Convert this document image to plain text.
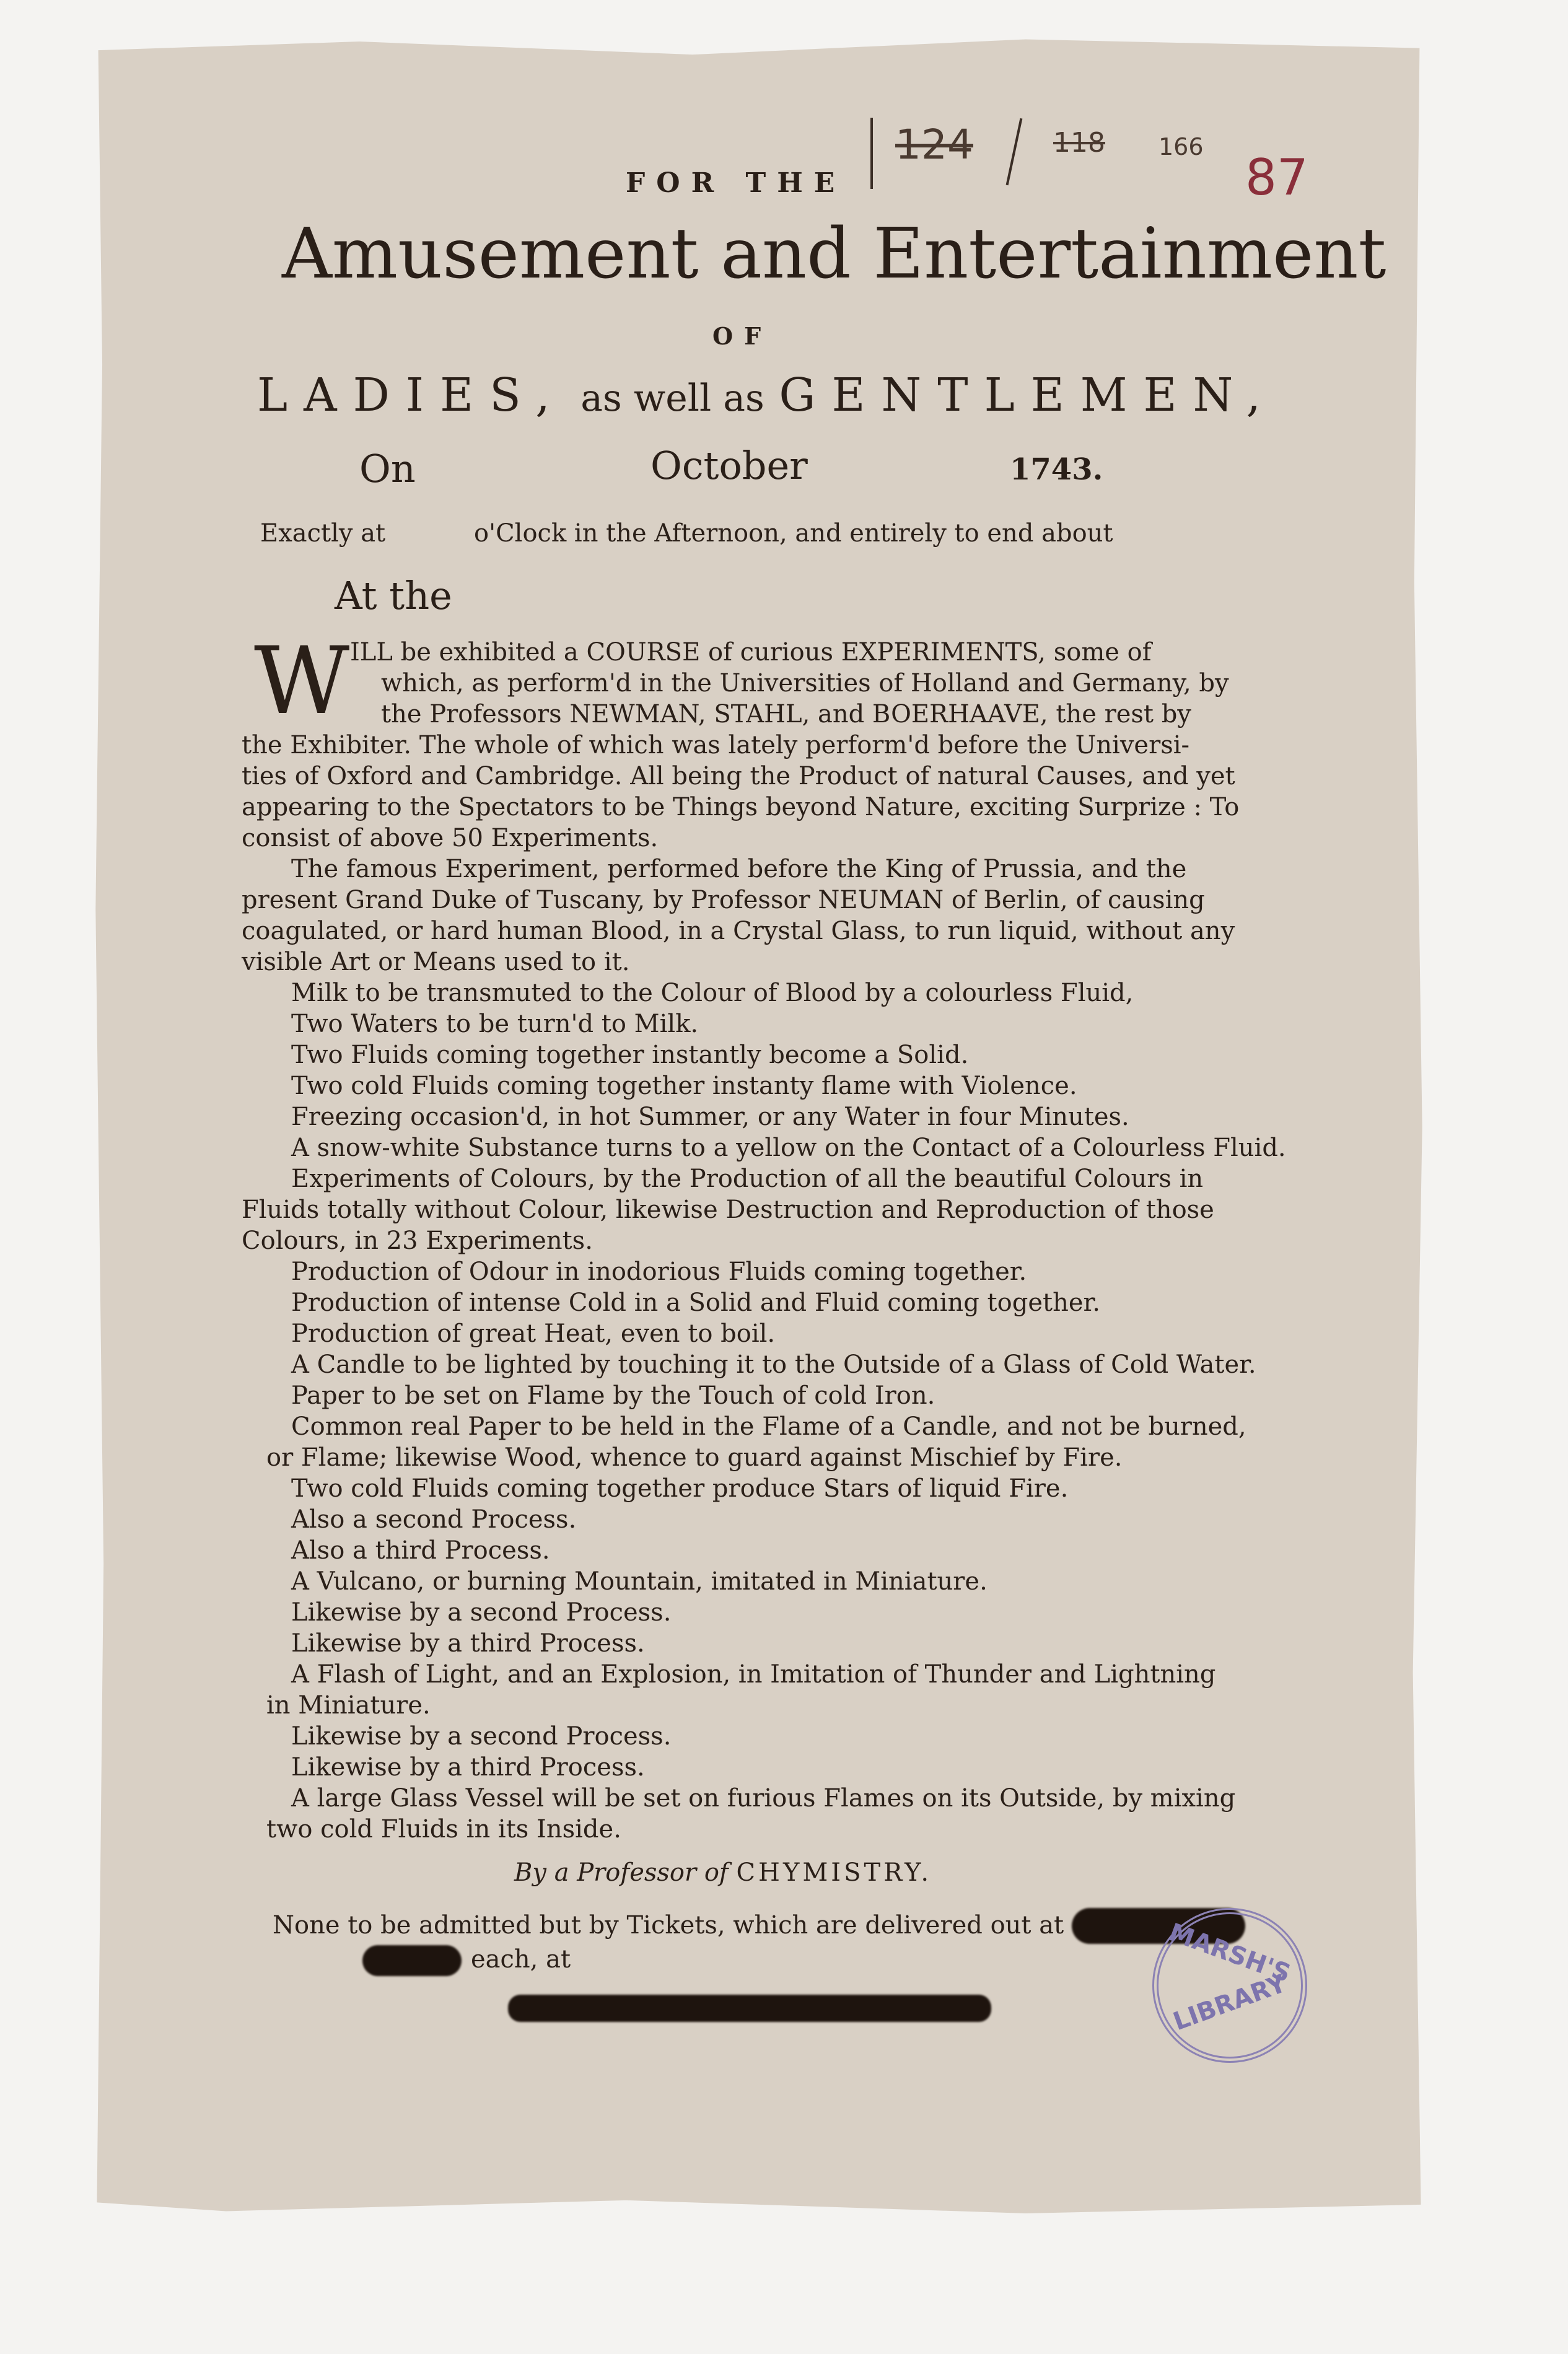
124	118 166
87
FOR THE
Amusement and Entertainment
OF
LADIES, as well as GENTLEMEN,
On	October	1743.
Exactly at	o'Clock in the Afternoon, and entirely to end about
At the
W ILL be exhibited a COURSE of curious EXPERIMENTS, some of
which, as perform'd in the Universities of Holland and Germany, by
the Professors NEWMAN, STAHL, and BOERHAAVE, the rest by
the Exhibiter. The whole of which was lately perform'd before the Universi-
ties of Oxford and Cambridge. All being the Product of natural Causes, and yet
appearing to the Spectators to be Things beyond Nature, exciting Surprize : To
consist of above 50 Experiments.
The famous Experiment, performed before the King of Prussia, and the
present Grand Duke of Tuscany, by Professor NEUMAN of Berlin, of causing
coagulated, or hard human Blood, in a Crystal Glass, to run liquid, without any
visible Art or Means used to it.
Milk to be transmuted to the Colour of Blood by a colourless Fluid,
Two Waters to be turn'd to Milk.
Two Fluids coming together instantly become a Solid.
Two cold Fluids coming together instanty flame with Violence.
Freezing occasion'd, in hot Summer, or any Water in four Minutes.
A snow-white Substance turns to a yellow on the Contact of a Colourless Fluid.
Experiments of Colours, by the Production of all the beautiful Colours in
Fluids totally without Colour, likewise Destruction and Reproduction of those
Colours, in 23 Experiments.
Production of Odour in inodorious Fluids coming together.
Production of intense Cold in a Solid and Fluid coming together.
Production of great Heat, even to boil.
A Candle to be lighted by touching it to the Outside of a Glass of Cold Water.
Paper to be set on Flame by the Touch of cold Iron.
Common real Paper to be held in the Flame of a Candle, and not be burned,
or Flame; likewise Wood, whence to guard against Mischief by Fire.
Two cold Fluids coming together produce Stars of liquid Fire.
Also a second Process.
Also a third Process.
A Vulcano, or burning Mountain, imitated in Miniature.
Likewise by a second Process.
Likewise by a third Process.
A Flash of Light, and an Explosion, in Imitation of Thunder and Lightning
in Miniature.
Likewise by a second Process.
Likewise by a third Process.
A large Glass Vessel will be set on furious Flames on its Outside, by mixing
two cold Fluids in its Inside.
By a Professor of CHYMISTRY.
None to be admitted but by Tickets, which are delivered out at
each, at	MARSH'S
LIBRARY
